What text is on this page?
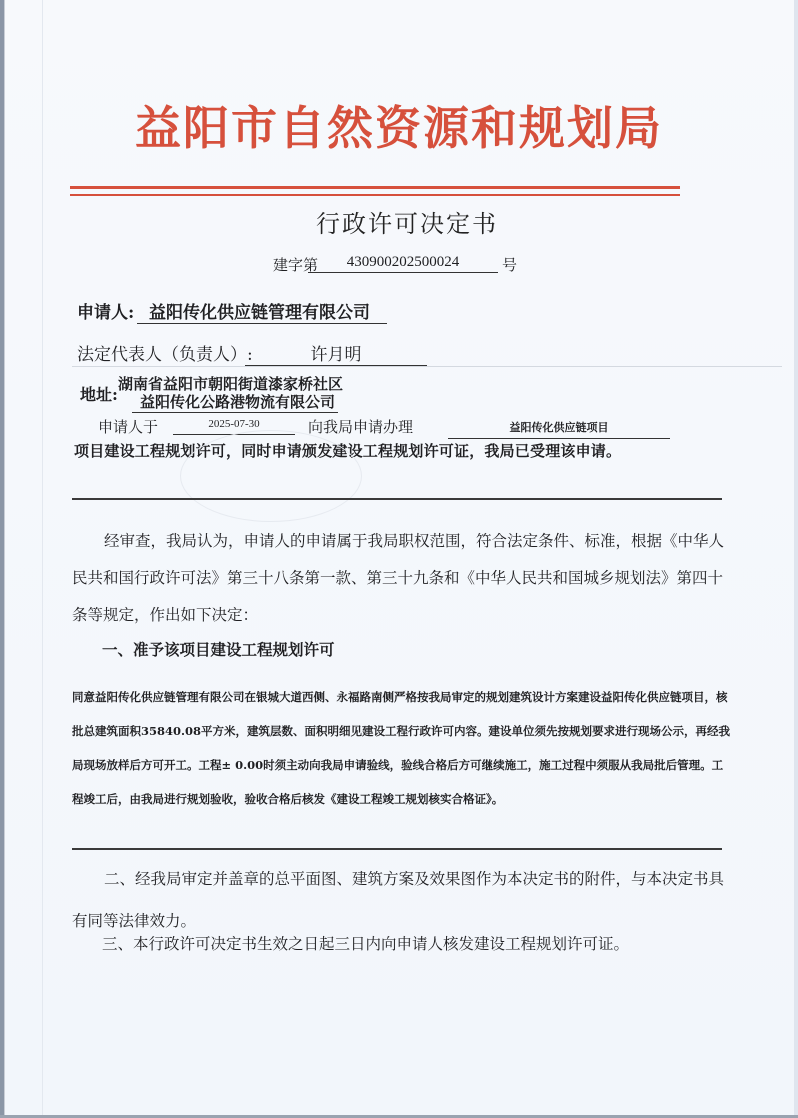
益阳市自然资源和规划局
行政许可决定书
建字第	430900202500024	号
申请人: 益阳传化供应链管理有限公司
法定代表人（负责人）:	许月明
地址:
湖南省益阳市朝阳街道漆家桥社区
益阳传化公路港物流有限公司
申请人于	2025-07-30	向我局申请办理	益阳传化供应链项目
项目建设工程规划许可，同时申请颁发建设工程规划许可证，我局已受理该申请。
经审查，我局认为，申请人的申请属于我局职权范围，符合法定条件、标准，根据《中华人民共和国行政许可法》第三十八条第一款、第三十九条和《中华人民共和国城乡规划法》第四十条等规定，作出如下决定：
一、准予该项目建设工程规划许可
同意益阳传化供应链管理有限公司在银城大道西侧、永福路南侧严格按我局审定的规划建筑设计方案建设益阳传化供应链项目，核批总建筑面积35840.08平方米，建筑层数、面积明细见建设工程行政许可内容。建设单位须先按规划要求进行现场公示，再经我局现场放样后方可开工。工程± 0.00时须主动向我局申请验线，验线合格后方可继续施工，施工过程中须服从我局批后管理。工程竣工后，由我局进行规划验收，验收合格后核发《建设工程竣工规划核实合格证》。
二、经我局审定并盖章的总平面图、建筑方案及效果图作为本决定书的附件，与本决定书具有同等法律效力。
三、本行政许可决定书生效之日起三日内向申请人核发建设工程规划许可证。
